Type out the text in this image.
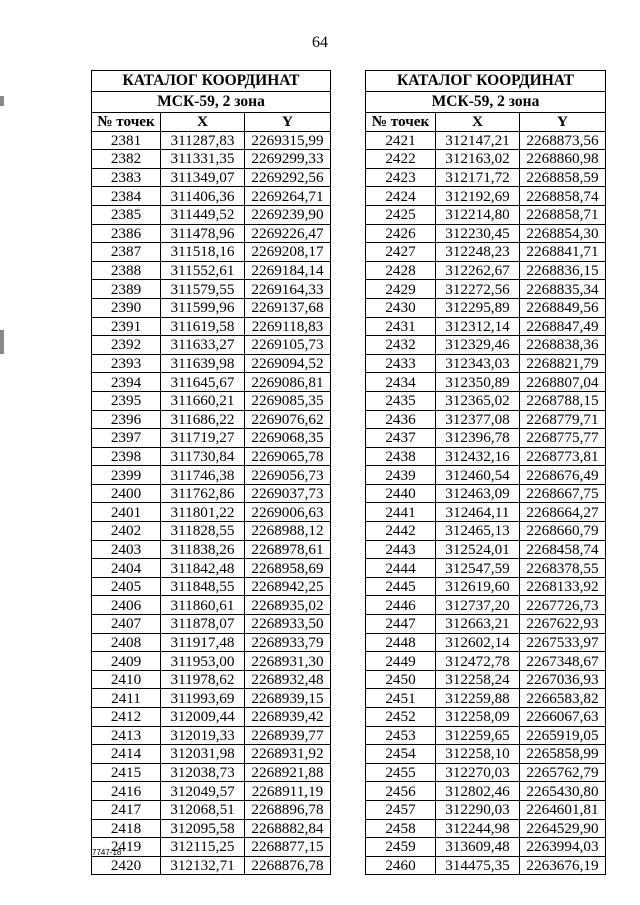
64
КАТАЛОГ КООРДИНАТ		
МСК-59, 2 зона		
№ точек	X	Y
2381	311287,83	2269315,99
2382	311331,35	2269299,33
2383	311349,07	2269292,56
2384	311406,36	2269264,71
2385	311449,52	2269239,90
2386	311478,96	2269226,47
2387	311518,16	2269208,17
2388	311552,61	2269184,14
2389	311579,55	2269164,33
2390	311599,96	2269137,68
2391	311619,58	2269118,83
2392	311633,27	2269105,73
2393	311639,98	2269094,52
2394	311645,67	2269086,81
2395	311660,21	2269085,35
2396	311686,22	2269076,62
2397	311719,27	2269068,35
2398	311730,84	2269065,78
2399	311746,38	2269056,73
2400	311762,86	2269037,73
2401	311801,22	2269006,63
2402	311828,55	2268988,12
2403	311838,26	2268978,61
2404	311842,48	2268958,69
2405	311848,55	2268942,25
2406	311860,61	2268935,02
2407	311878,07	2268933,50
2408	311917,48	2268933,79
2409	311953,00	2268931,30
2410	311978,62	2268932,48
2411	311993,69	2268939,15
2412	312009,44	2268939,42
2413	312019,33	2268939,77
2414	312031,98	2268931,92
2415	312038,73	2268921,88
2416	312049,57	2268911,19
2417	312068,51	2268896,78
2418	312095,58	2268882,84
2419	312115,25	2268877,15
2420	312132,71	2268876,78
КАТАЛОГ КООРДИНАТ		
МСК-59, 2 зона		
№ точек	X	Y
2421	312147,21	2268873,56
2422	312163,02	2268860,98
2423	312171,72	2268858,59
2424	312192,69	2268858,74
2425	312214,80	2268858,71
2426	312230,45	2268854,30
2427	312248,23	2268841,71
2428	312262,67	2268836,15
2429	312272,56	2268835,34
2430	312295,89	2268849,56
2431	312312,14	2268847,49
2432	312329,46	2268838,36
2433	312343,03	2268821,79
2434	312350,89	2268807,04
2435	312365,02	2268788,15
2436	312377,08	2268779,71
2437	312396,78	2268775,77
2438	312432,16	2268773,81
2439	312460,54	2268676,49
2440	312463,09	2268667,75
2441	312464,11	2268664,27
2442	312465,13	2268660,79
2443	312524,01	2268458,74
2444	312547,59	2268378,55
2445	312619,60	2268133,92
2446	312737,20	2267726,73
2447	312663,21	2267622,93
2448	312602,14	2267533,97
2449	312472,78	2267348,67
2450	312258,24	2267036,93
2451	312259,88	2266583,82
2452	312258,09	2266067,63
2453	312259,65	2265919,05
2454	312258,10	2265858,99
2455	312270,03	2265762,79
2456	312802,46	2265430,80
2457	312290,03	2264601,81
2458	312244,98	2264529,90
2459	313609,48	2263994,03
2460	314475,35	2263676,19
7747-18
